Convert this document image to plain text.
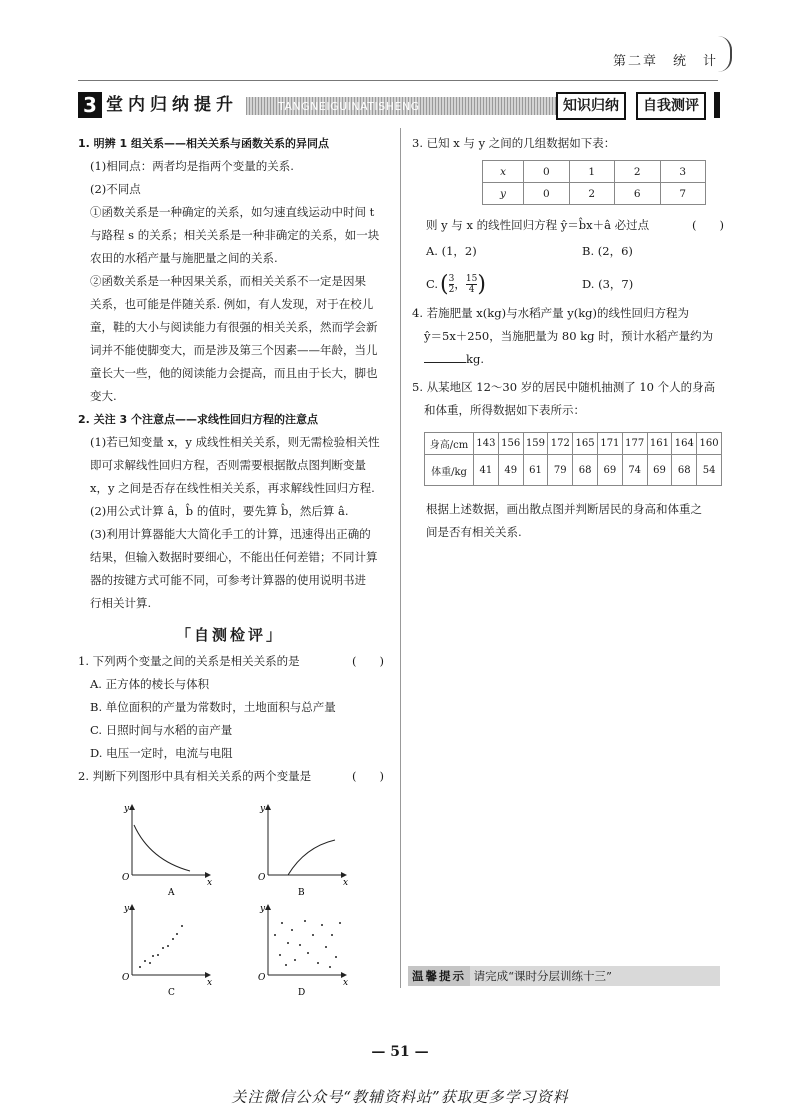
第二章　统　计
3 堂内归纳提升	TANGNEIGUINATISHENG	知识归纳	自我测评
1. 明辨 1 组关系——相关关系与函数关系的异同点
(1)相同点：两者均是指两个变量的关系.
(2)不同点
①函数关系是一种确定的关系，如匀速直线运动中时间 t
与路程 s 的关系；相关关系是一种非确定的关系，如一块
农田的水稻产量与施肥量之间的关系.
②函数关系是一种因果关系，而相关关系不一定是因果
关系，也可能是伴随关系. 例如，有人发现，对于在校儿
童，鞋的大小与阅读能力有很强的相关关系，然而学会新
词并不能使脚变大，而是涉及第三个因素——年龄，当儿
童长大一些，他的阅读能力会提高，而且由于长大，脚也
变大.
2. 关注 3 个注意点——求线性回归方程的注意点
(1)若已知变量 x，y 成线性相关关系，则无需检验相关性
即可求解线性回归方程，否则需要根据散点图判断变量
x，y 之间是否存在线性相关关系，再求解线性回归方程.
(2)用公式计算 â，b̂ 的值时，要先算 b̂，然后算 â.
(3)利用计算器能大大简化手工的计算，迅速得出正确的
结果，但输入数据时要细心，不能出任何差错；不同计算
器的按键方式可能不同，可参考计算器的使用说明书进
行相关计算.
「自测检评」
1. 下列两个变量之间的关系是相关关系的是	(　　)
A. 正方体的棱长与体积
B. 单位面积的产量为常数时，土地面积与总产量
C. 日照时间与水稻的亩产量
D. 电压一定时，电流与电阻
2. 判断下列图形中具有相关关系的两个变量是	(　　)
y
x
O
A
y
x
O
B
y
x
O
C
y
x
O
D
3. 已知 x 与 y 之间的几组数据如下表：
x	0	1	2	3
y	0	2	6	7
则 y 与 x 的线性回归方程 ŷ＝b̂x＋â 必过点	(　　)
A. (1，2)	B. (2，6)
C. ( $\frac{3}{2}$ ， $\frac{15}{4}$ )	D. (3，7)
4. 若施肥量 x(kg)与水稻产量 y(kg)的线性回归方程为
ŷ＝5x＋250，当施肥量为 80 kg 时，预计水稻产量约为
kg.
5. 从某地区 12～30 岁的居民中随机抽测了 10 个人的身高
和体重，所得数据如下表所示：
身高/cm	143	156	159	172	165	171	177	161	164	160
体重/kg	41	49	61	79	68	69	74	69	68	54
根据上述数据，画出散点图并判断居民的身高和体重之
间是否有相关关系.
温馨提示 请完成“课时分层训练十三”
— 51 —
关注微信公众号“教辅资料站”获取更多学习资料
